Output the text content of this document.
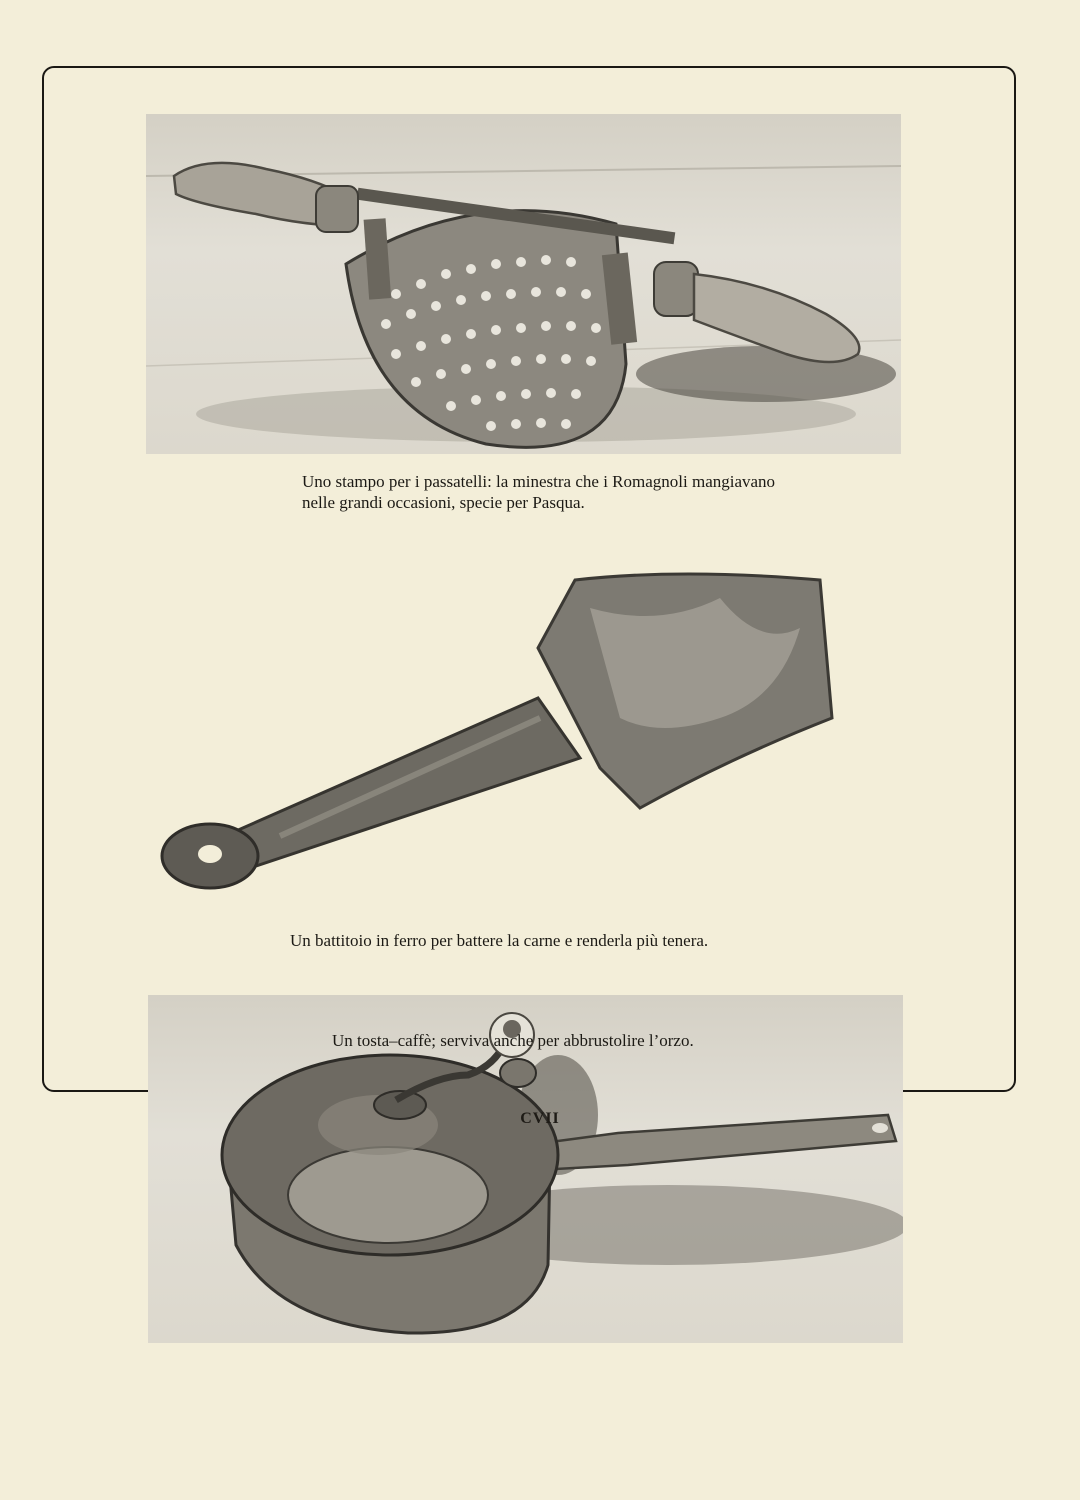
Uno stampo per i passatelli: la minestra che i Romagnoli mangiavano nelle grandi occasioni, specie per Pasqua.
Un battitoio in ferro per battere la carne e renderla più tenera.
Un tosta–caffè; serviva anche per abbrustolire l’orzo.
CVII
